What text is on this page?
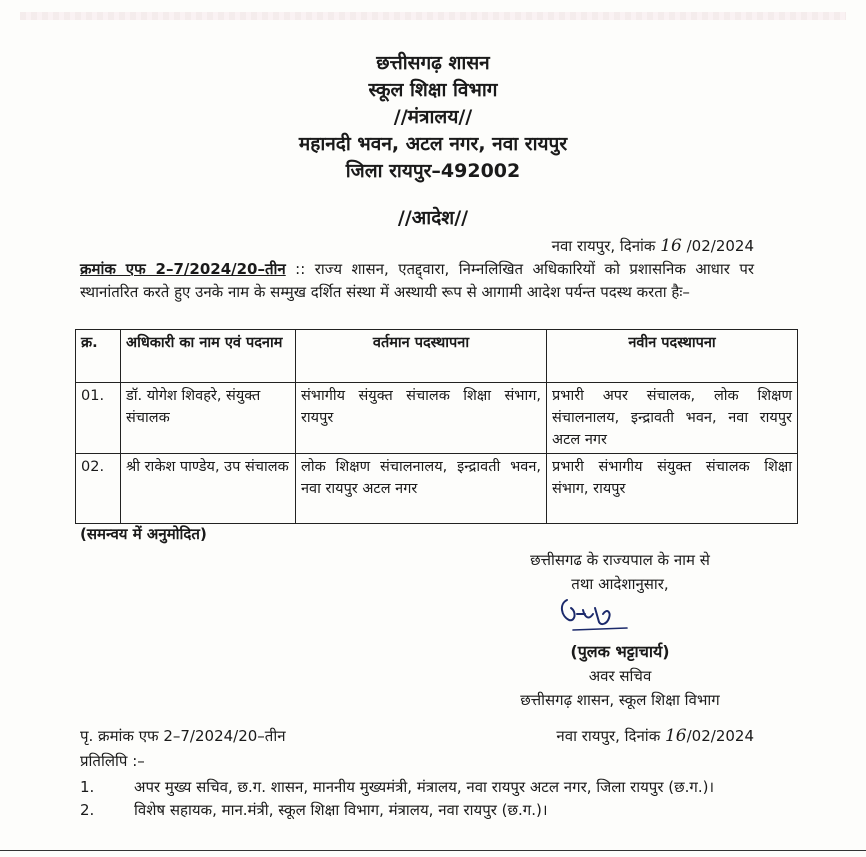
छत्तीसगढ़ शासन
स्कूल शिक्षा विभाग
//मंत्रालय//
महानदी भवन, अटल नगर, नवा रायपुर
जिला रायपुर–492002
//आदेश//
नवा रायपुर, दिनांक 16 /02/2024
क्रमांक एफ 2–7/2024/20–तीन :: राज्य शासन, एतद्द्वारा, निम्नलिखित अधिकारियों को प्रशासनिक आधार पर स्थानांतरित करते हुए उनके नाम के सम्मुख दर्शित संस्था में अस्थायी रूप से आगामी आदेश पर्यन्त पदस्थ करता हैः–
क्र.	अधिकारी का नाम एवं पदनाम	वर्तमान पदस्थापना	नवीन पदस्थापना
01.	डॉ. योगेश शिवहरे, संयुक्त संचालक	संभागीय संयुक्त संचालक शिक्षा संभाग, रायपुर	प्रभारी अपर संचालक, लोक शिक्षण संचालनालय, इन्द्रावती भवन, नवा रायपुर अटल नगर
02.	श्री राकेश पाण्डेय, उप संचालक	लोक शिक्षण संचालनालय, इन्द्रावती भवन, नवा रायपुर अटल नगर	प्रभारी संभागीय संयुक्त संचालक शिक्षा संभाग, रायपुर
(समन्वय में अनुमोदित)
छत्तीसगढ के राज्यपाल के नाम से
तथा आदेशानुसार,
(पुलक भट्टाचार्य)
अवर सचिव
छत्तीसगढ़ शासन, स्कूल शिक्षा विभाग
पृ. क्रमांक एफ 2–7/2024/20–तीन	नवा रायपुर, दिनांक 16/02/2024
प्रतिलिपि :–
1.	अपर मुख्य सचिव, छ.ग. शासन, माननीय मुख्यमंत्री, मंत्रालय, नवा रायपुर अटल नगर, जिला रायपुर (छ.ग.)।
2.	विशेष सहायक, मान.मंत्री, स्कूल शिक्षा विभाग, मंत्रालय, नवा रायपुर (छ.ग.)।
